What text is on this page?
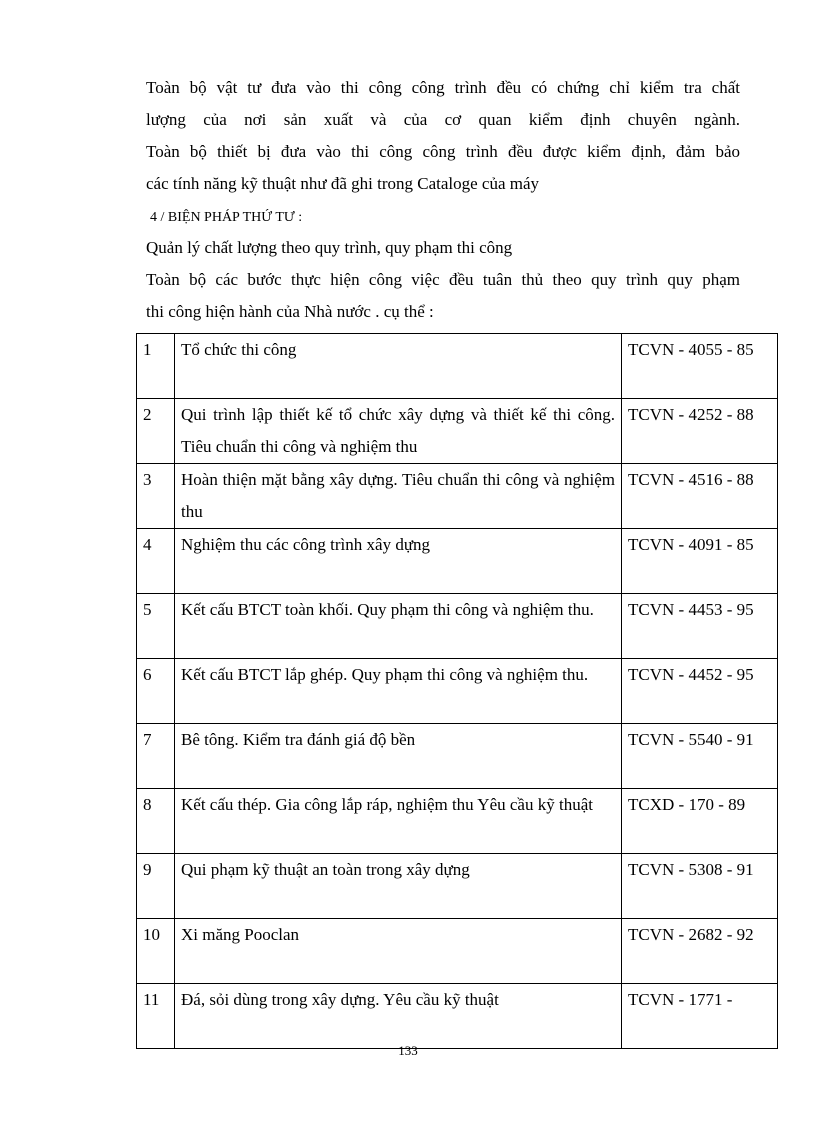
Toàn bộ vật tư đưa vào thi công công trình đều có chứng chỉ kiểm tra chất
lượng của nơi sản xuất và của cơ quan kiểm định chuyên ngành.
Toàn bộ thiết bị đưa vào thi công công trình đều được kiểm định, đảm bảo
các tính năng kỹ thuật như đã ghi trong Cataloge của máy
4 / BIỆN PHÁP THỨ TƯ :
Quản lý chất lượng theo quy trình, quy phạm thi công
Toàn bộ các bước thực hiện công việc đều tuân thủ theo quy trình quy phạm
thi công hiện hành của Nhà nước . cụ thể :
1	Tổ chức thi công	TCVN - 4055 - 85
2	Qui trình lập thiết kế tổ chức xây dựng và thiết kế thi công. Tiêu chuẩn thi công và nghiệm thu	TCVN - 4252 - 88
3	Hoàn thiện mặt bằng xây dựng. Tiêu chuẩn thi công và nghiệm thu	TCVN - 4516 - 88
4	Nghiệm thu các công trình xây dựng	TCVN - 4091 - 85
5	Kết cấu BTCT toàn khối. Quy phạm thi công và nghiệm thu.	TCVN - 4453 - 95
6	Kết cấu BTCT lắp ghép. Quy phạm thi công và nghiệm thu.	TCVN - 4452 - 95
7	Bê tông. Kiểm tra đánh giá độ bền	TCVN - 5540 - 91
8	Kết cấu thép. Gia công lắp ráp, nghiệm thu Yêu cầu kỹ thuật	TCXD - 170 - 89
9	Qui phạm kỹ thuật an toàn trong xây dựng	TCVN - 5308 - 91
10	Xi măng Pooclan	TCVN - 2682 - 92
11	Đá, sỏi dùng trong xây dựng. Yêu cầu kỹ thuật	TCVN - 1771 -
133
